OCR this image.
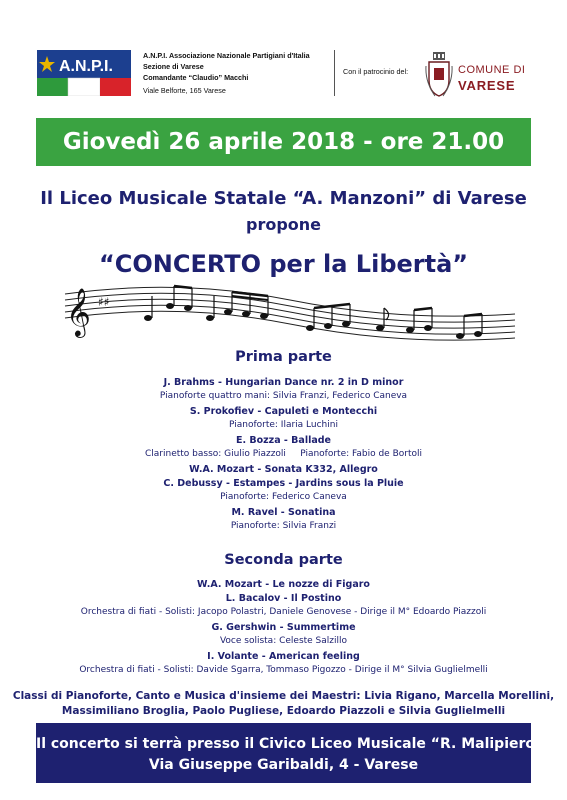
A.N.P.I.
A.N.P.I. Associazione Nazionale Partigiani d'Italia
Sezione di Varese
Comandante “Claudio” Macchi
Viale Belforte, 165 Varese
Con il patrocinio del:	COMUNE DI
VARESE
Giovedì 26 aprile 2018 - ore 21.00
Il Liceo Musicale Statale “A. Manzoni” di Varese
propone
“CONCERTO per la Libertà”
𝄞 ♯♯
Prima parte
J. Brahms - Hungarian Dance nr. 2 in D minor
Pianoforte quattro mani: Silvia Franzi, Federico Caneva
S. Prokofiev - Capuleti e Montecchi
Pianoforte: Ilaria Luchini
E. Bozza - Ballade
Clarinetto basso: Giulio Piazzoli     Pianoforte: Fabio de Bortoli
W.A. Mozart - Sonata K332, Allegro
C. Debussy - Estampes - Jardins sous la Pluie
Pianoforte: Federico Caneva
M. Ravel - Sonatina
Pianoforte: Silvia Franzi
Seconda parte
W.A. Mozart - Le nozze di Figaro
L. Bacalov - Il Postino
Orchestra di fiati - Solisti: Jacopo Polastri, Daniele Genovese - Dirige il M° Edoardo Piazzoli
G. Gershwin - Summertime
Voce solista: Celeste Salzillo
I. Volante - American feeling
Orchestra di fiati - Solisti: Davide Sgarra, Tommaso Pigozzo - Dirige il M° Silvia Guglielmelli
Classi di Pianoforte, Canto e Musica d'insieme dei Maestri: Livia Rigano, Marcella Morellini,
Massimiliano Broglia, Paolo Pugliese, Edoardo Piazzoli e Silvia Guglielmelli
Il concerto si terrà presso il Civico Liceo Musicale “R. Malipiero”
Via Giuseppe Garibaldi, 4 - Varese
